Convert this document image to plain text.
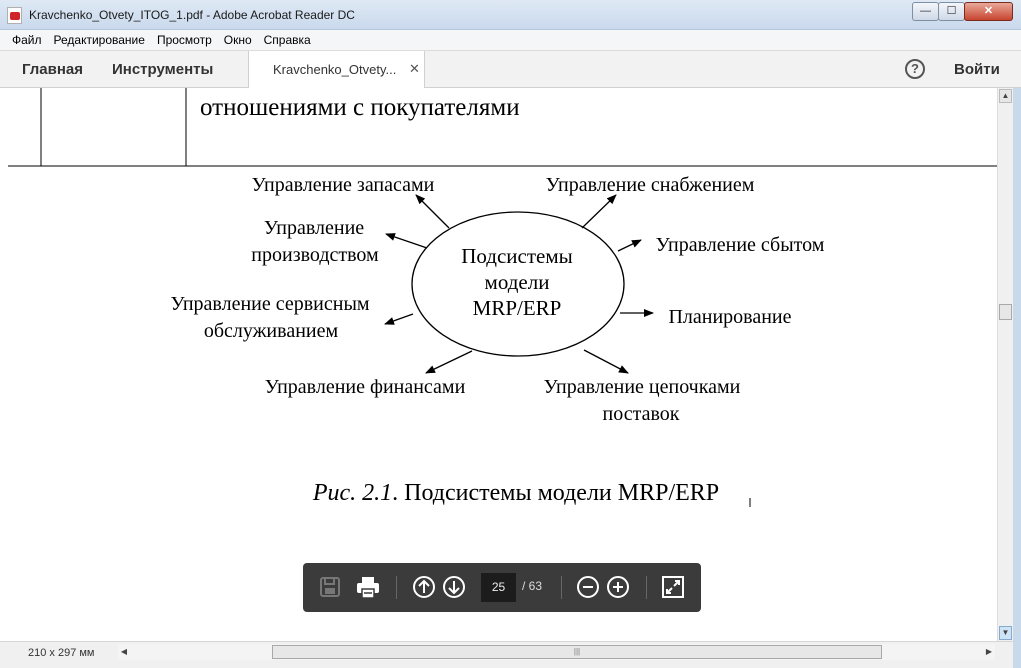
Kravchenko_Otvety_ITOG_1.pdf - Adobe Acrobat Reader DC	—	☐	✕
Файл	Редактирование	Просмотр	Окно	Справка
Главная Инструменты	Kravchenko_Otvety... ✕	?	Войти
отношениями с покупателями
Подсистемы
модели
MRP/ERP
Управление запасами	Управление снабжением
Управление
производством	Управление сбытом
Управление сервисным
обслуживанием
Планирование
Управление финансами	Управление цепочками
поставок
Рис. 2.1. Подсистемы модели MRP/ERP
25	/ 63
▲
▼
210 x 297 мм	◀	|||	▶
